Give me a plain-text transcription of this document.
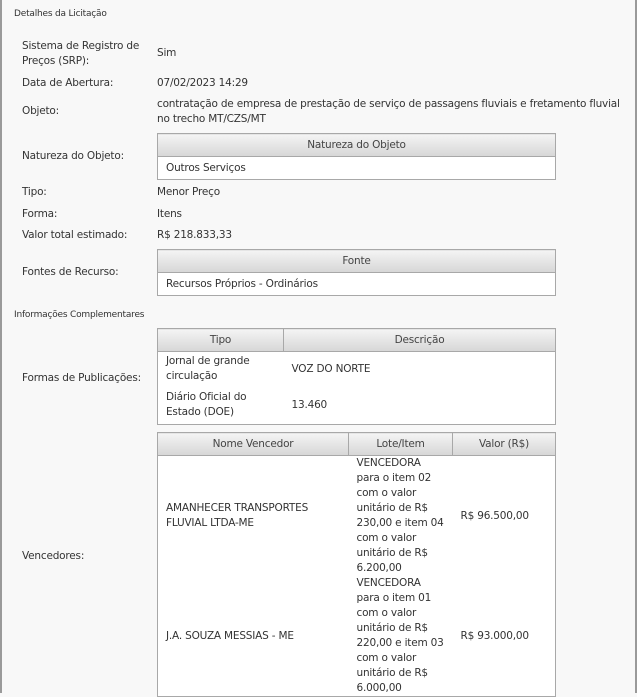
Detalhes da Licitação
Sistema de Registro de Preços (SRP):
Sim
Data de Abertura:	07/02/2023 14:29
Objeto:
contratação de empresa de prestação de serviço de passagens fluviais e fretamento fluvial no trecho MT/CZS/MT
Natureza do Objeto:
Natureza do Objeto
Outros Serviços
Tipo:	Menor Preço
Forma:	Itens
Valor total estimado:	R$ 218.833,33
Fontes de Recurso:
Fonte
Recursos Próprios - Ordinários
Informações Complementares
Formas de Publicações:
Tipo	Descrição
Jornal de grande circulação	VOZ DO NORTE
Diário Oficial do Estado (DOE)	13.460
Vencedores:
Nome Vencedor	Lote/Item	Valor (R$)
AMANHECER TRANSPORTES FLUVIAL LTDA-ME	VENCEDORA para o item 02 com o valor unitário de R$ 230,00 e item 04 com o valor unitário de R$ 6.200,00	R$ 96.500,00
J.A. SOUZA MESSIAS - ME	VENCEDORA para o item 01 com o valor unitário de R$ 220,00 e item 03 com o valor unitário de R$ 6.000,00	R$ 93.000,00
